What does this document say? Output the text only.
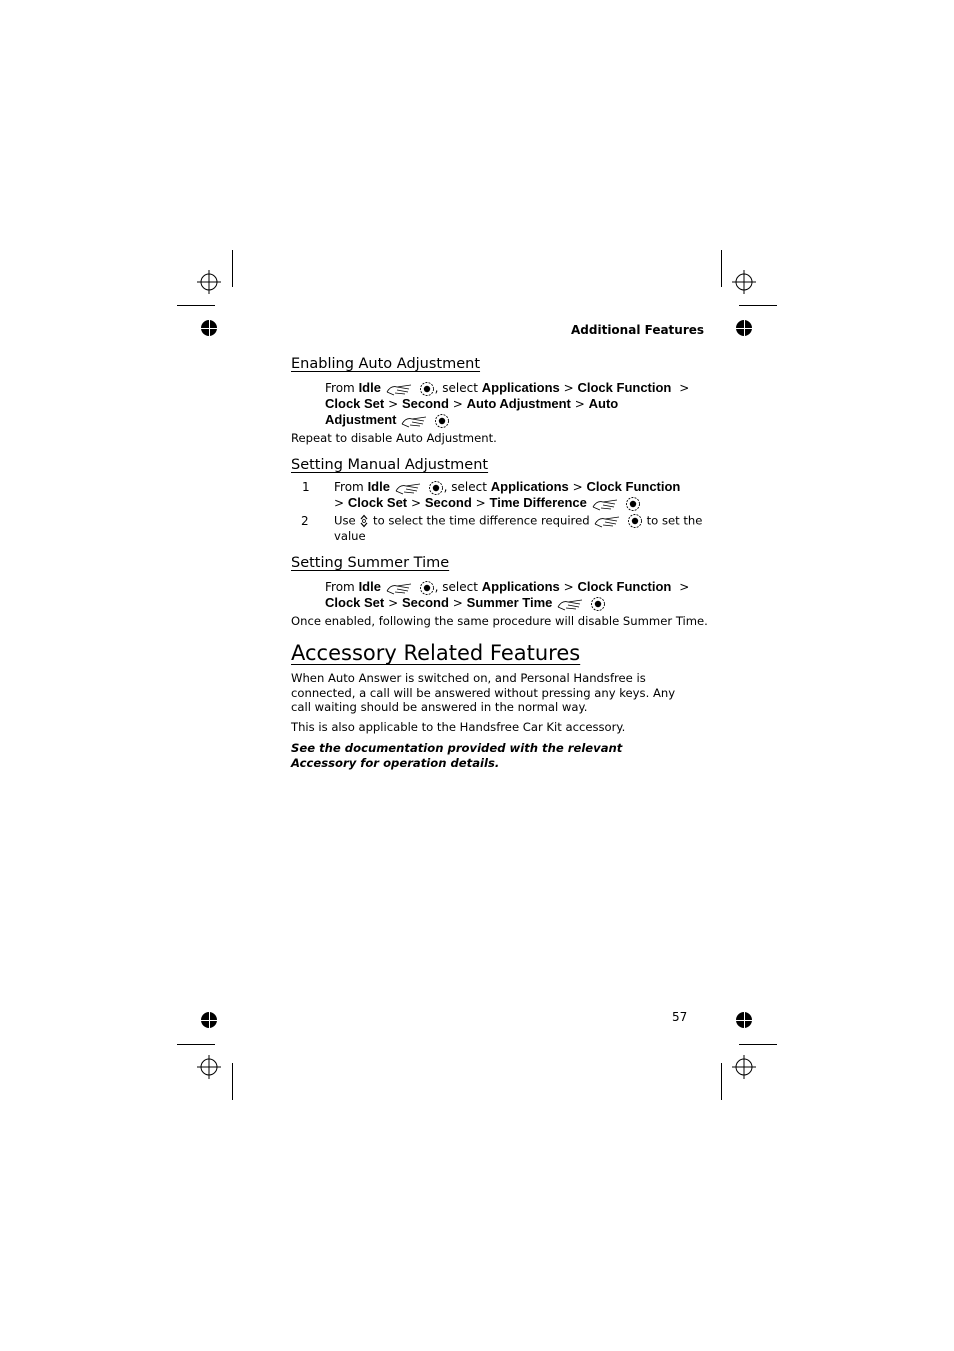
Additional Features
Enabling Auto Adjustment
From Idle	, select Applications > Clock Function >
Clock Set > Second > Auto Adjustment > Auto
Adjustment
Repeat to disable Auto Adjustment.
Setting Manual Adjustment
1 From Idle	, select Applications > Clock Function
> Clock Set > Second > Time Difference
2 Use to select the time difference required	to set the
value
Setting Summer Time
From Idle	, select Applications > Clock Function >
Clock Set > Second > Summer Time
Once enabled, following the same procedure will disable Summer Time.
Accessory Related Features
When Auto Answer is switched on, and Personal Handsfree is connected, a call will be answered without pressing any keys. Any call waiting should be answered in the normal way.
This is also applicable to the Handsfree Car Kit accessory.
See the documentation provided with the relevant Accessory for operation details.
57
